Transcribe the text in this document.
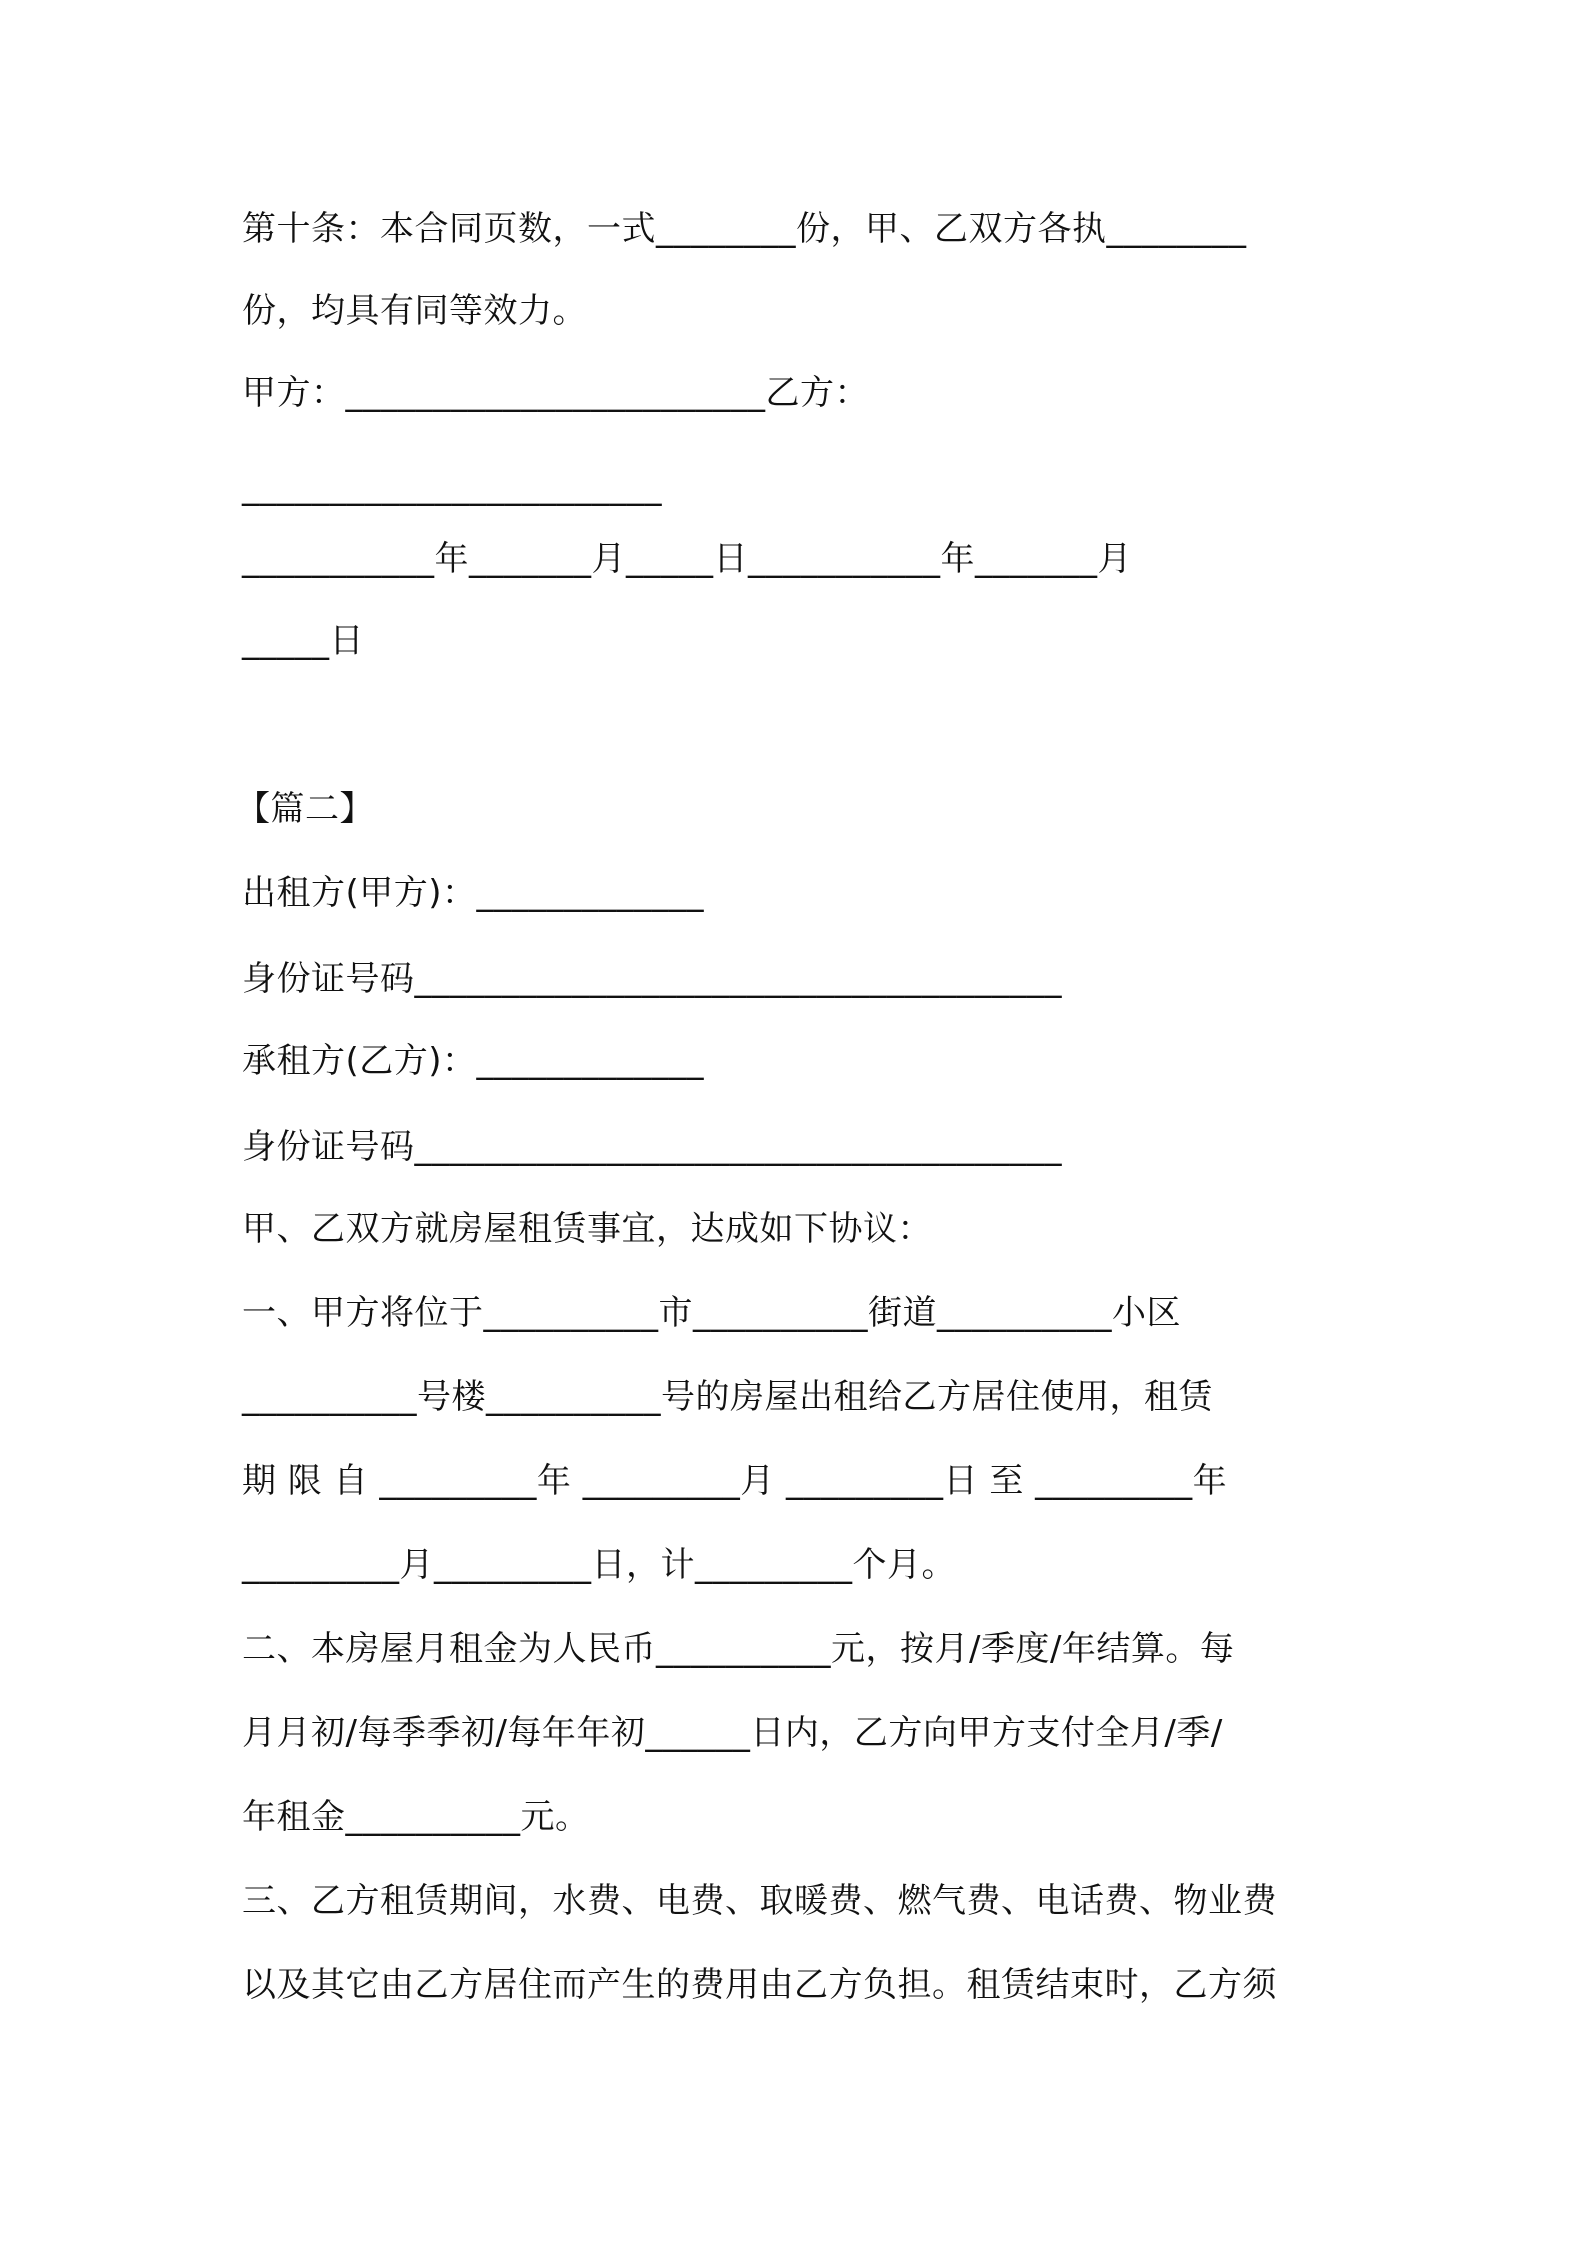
第十条：本合同页数，一式________份，甲、乙双方各执________
份，均具有同等效力。
甲方：________________________乙方：
________________________
___________年_______月_____日___________年_______月
_____日
【篇二】
出租方(甲方)：_____________
身份证号码_____________________________________
承租方(乙方)：_____________
身份证号码_____________________________________
甲、乙双方就房屋租赁事宜，达成如下协议：
一、甲方将位于__________市__________街道__________小区
__________号楼__________号的房屋出租给乙方居住使用，租赁
期 限 自 _________年 _________月 _________日 至 _________年
_________月_________日，计_________个月。
二、本房屋月租金为人民币__________元，按月/季度/年结算。每
月月初/每季季初/每年年初______日内，乙方向甲方支付全月/季/
年租金__________元。
三、乙方租赁期间，水费、电费、取暖费、燃气费、电话费、物业费
以及其它由乙方居住而产生的费用由乙方负担。租赁结束时，乙方须
